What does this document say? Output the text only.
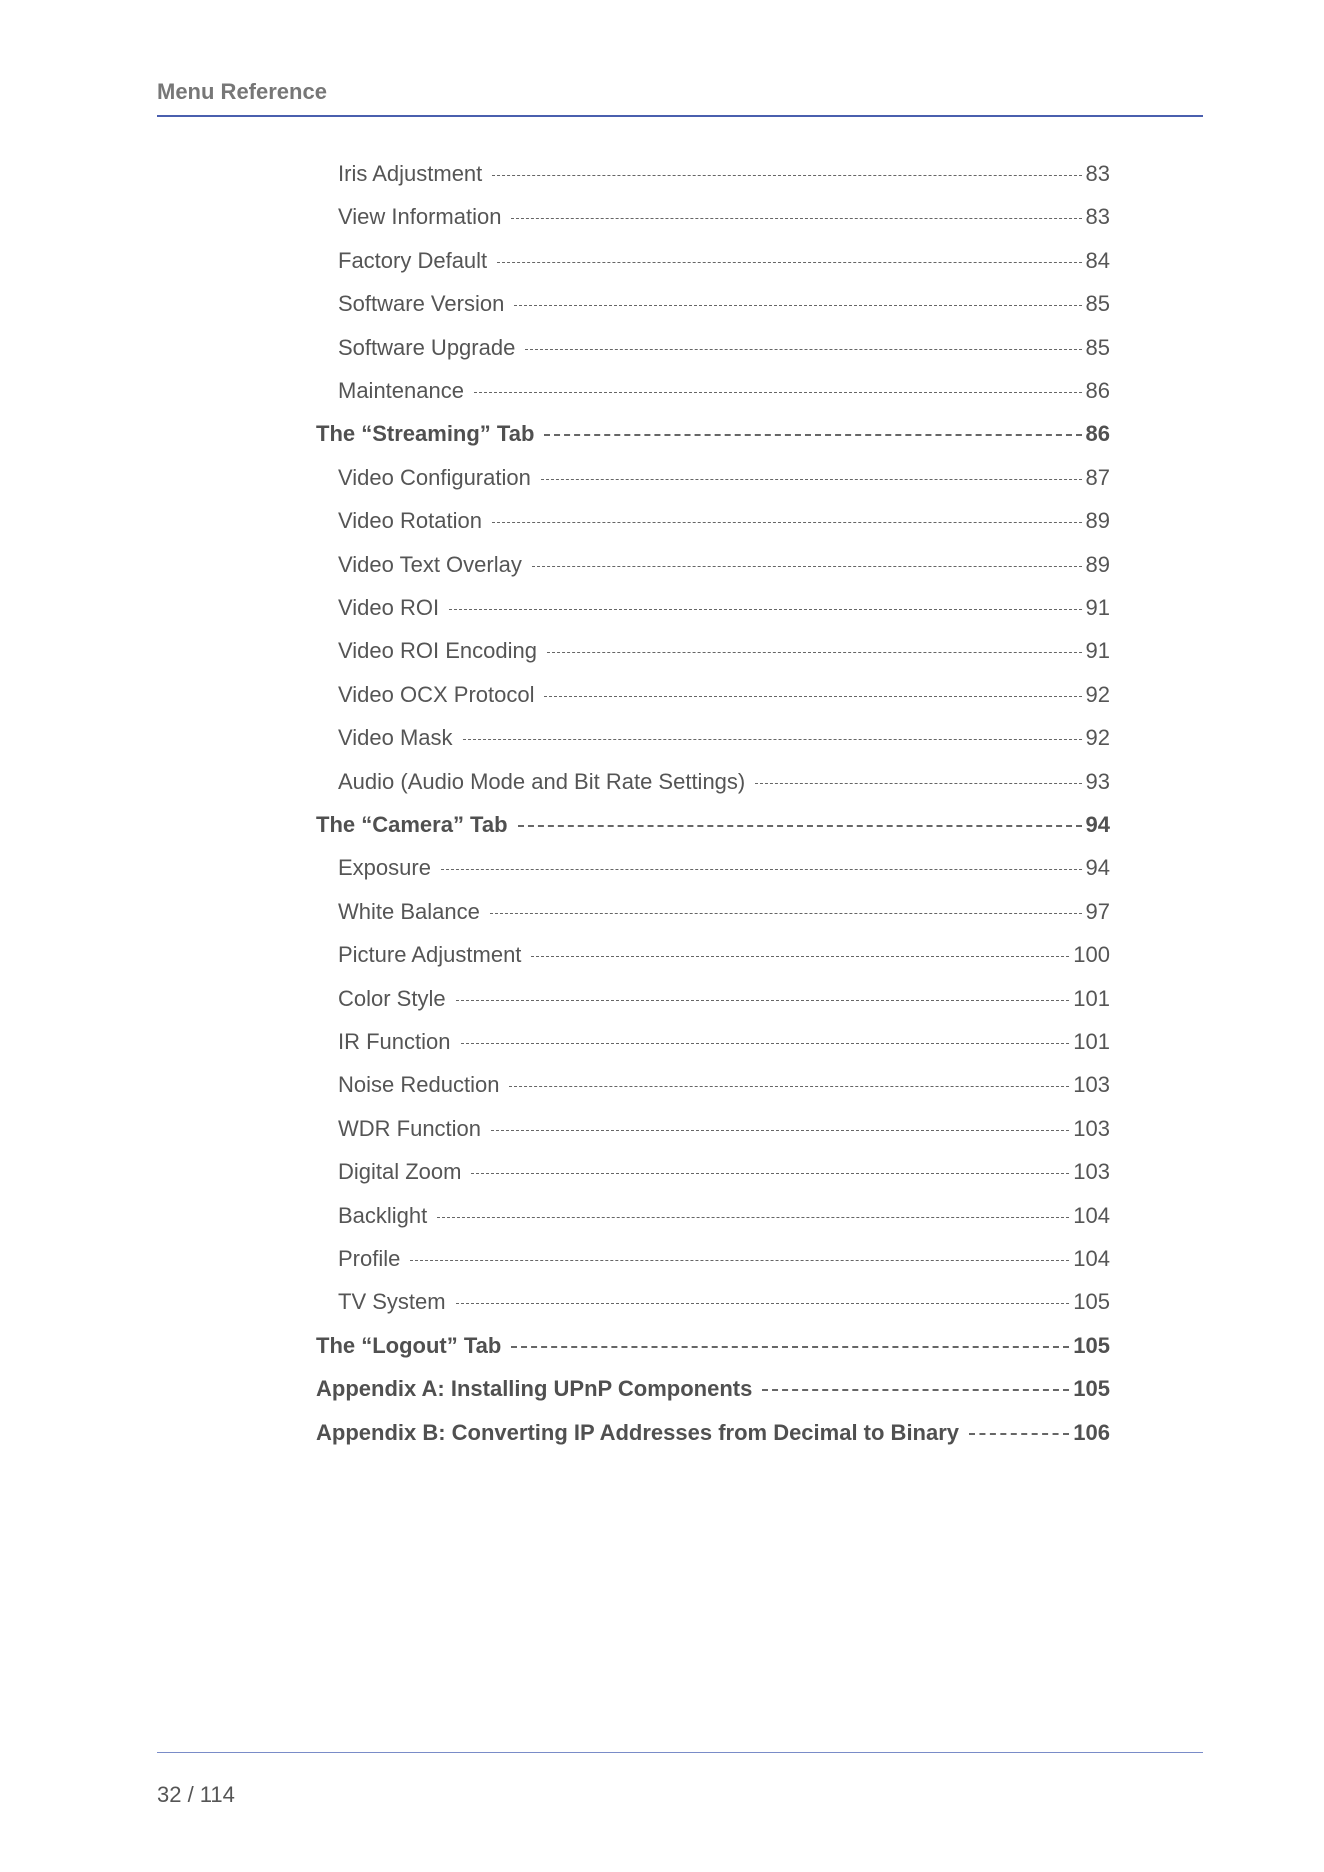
Menu Reference
Iris Adjustment	83
View Information	83
Factory Default	84
Software Version	85
Software Upgrade	85
Maintenance	86
The “Streaming” Tab	86
Video Configuration	87
Video Rotation	89
Video Text Overlay	89
Video ROI	91
Video ROI Encoding	91
Video OCX Protocol	92
Video Mask	92
Audio (Audio Mode and Bit Rate Settings)	93
The “Camera” Tab	94
Exposure	94
White Balance	97
Picture Adjustment	100
Color Style	101
IR Function	101
Noise Reduction	103
WDR Function	103
Digital Zoom	103
Backlight	104
Profile	104
TV System	105
The “Logout” Tab	105
Appendix A: Installing UPnP Components	105
Appendix B: Converting IP Addresses from Decimal to Binary	106
32 / 114
